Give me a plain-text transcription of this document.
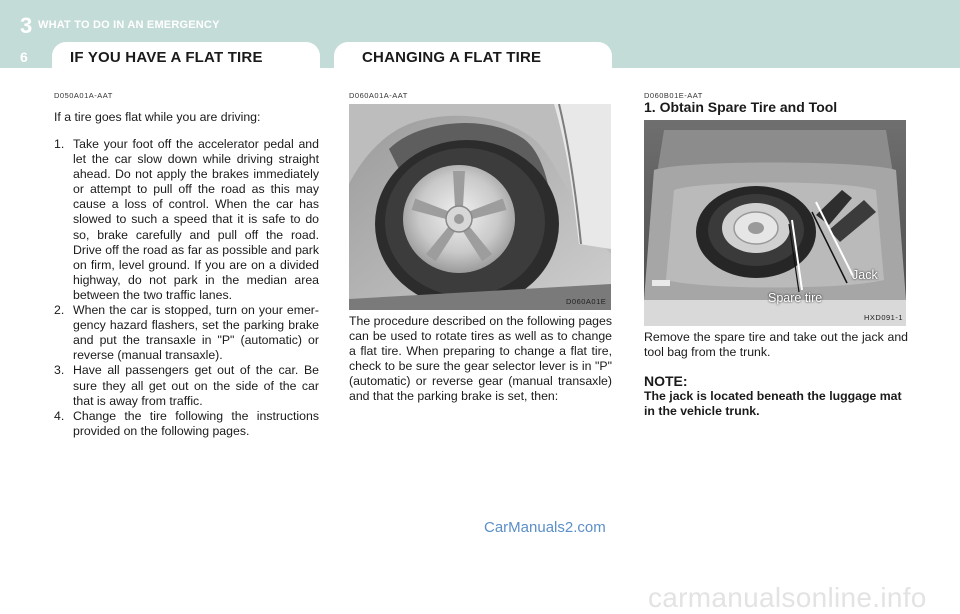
3 WHAT TO DO IN AN EMERGENCY
6	IF YOU HAVE A FLAT TIRE	CHANGING A FLAT TIRE
D050A01A-AAT
If a tire goes flat while you are driving:
1. Take your foot off the accelerator pedal and let the car slow down while driving straight ahead. Do not apply the brakes immediately or attempt to pull off the road as this may cause a loss of control. When the car has slowed to such a speed that it is safe to do so, brake carefully and pull off the road. Drive off the road as far as possible and park on firm, level ground. If you are on a divided highway, do not park in the median area between the two traffic lanes.
2. When the car is stopped, turn on your emer-gency hazard flashers, set the parking brake and put the transaxle in "P" (automatic) or reverse (manual transaxle).
3. Have all passengers get out of the car. Be sure they all get out on the side of the car that is away from traffic.
4. Change the tire following the instructions provided on the following pages.
D060A01A-AAT
D060A01E
The procedure described on the following pages can be used to rotate tires as well as to change a flat tire. When preparing to change a flat tire, check to be sure the gear selector lever is in "P" (automatic) or reverse gear (manual transaxle) and that the parking brake is set, then:
D060B01E-AAT
1. Obtain Spare Tire and Tool
Jack
Spare tire
HXD091-1
Remove the spare tire and take out the jack and tool bag from the trunk.
NOTE:
The jack is located beneath the luggage mat in the vehicle trunk.
CarManuals2.com
carmanualsonline.info
